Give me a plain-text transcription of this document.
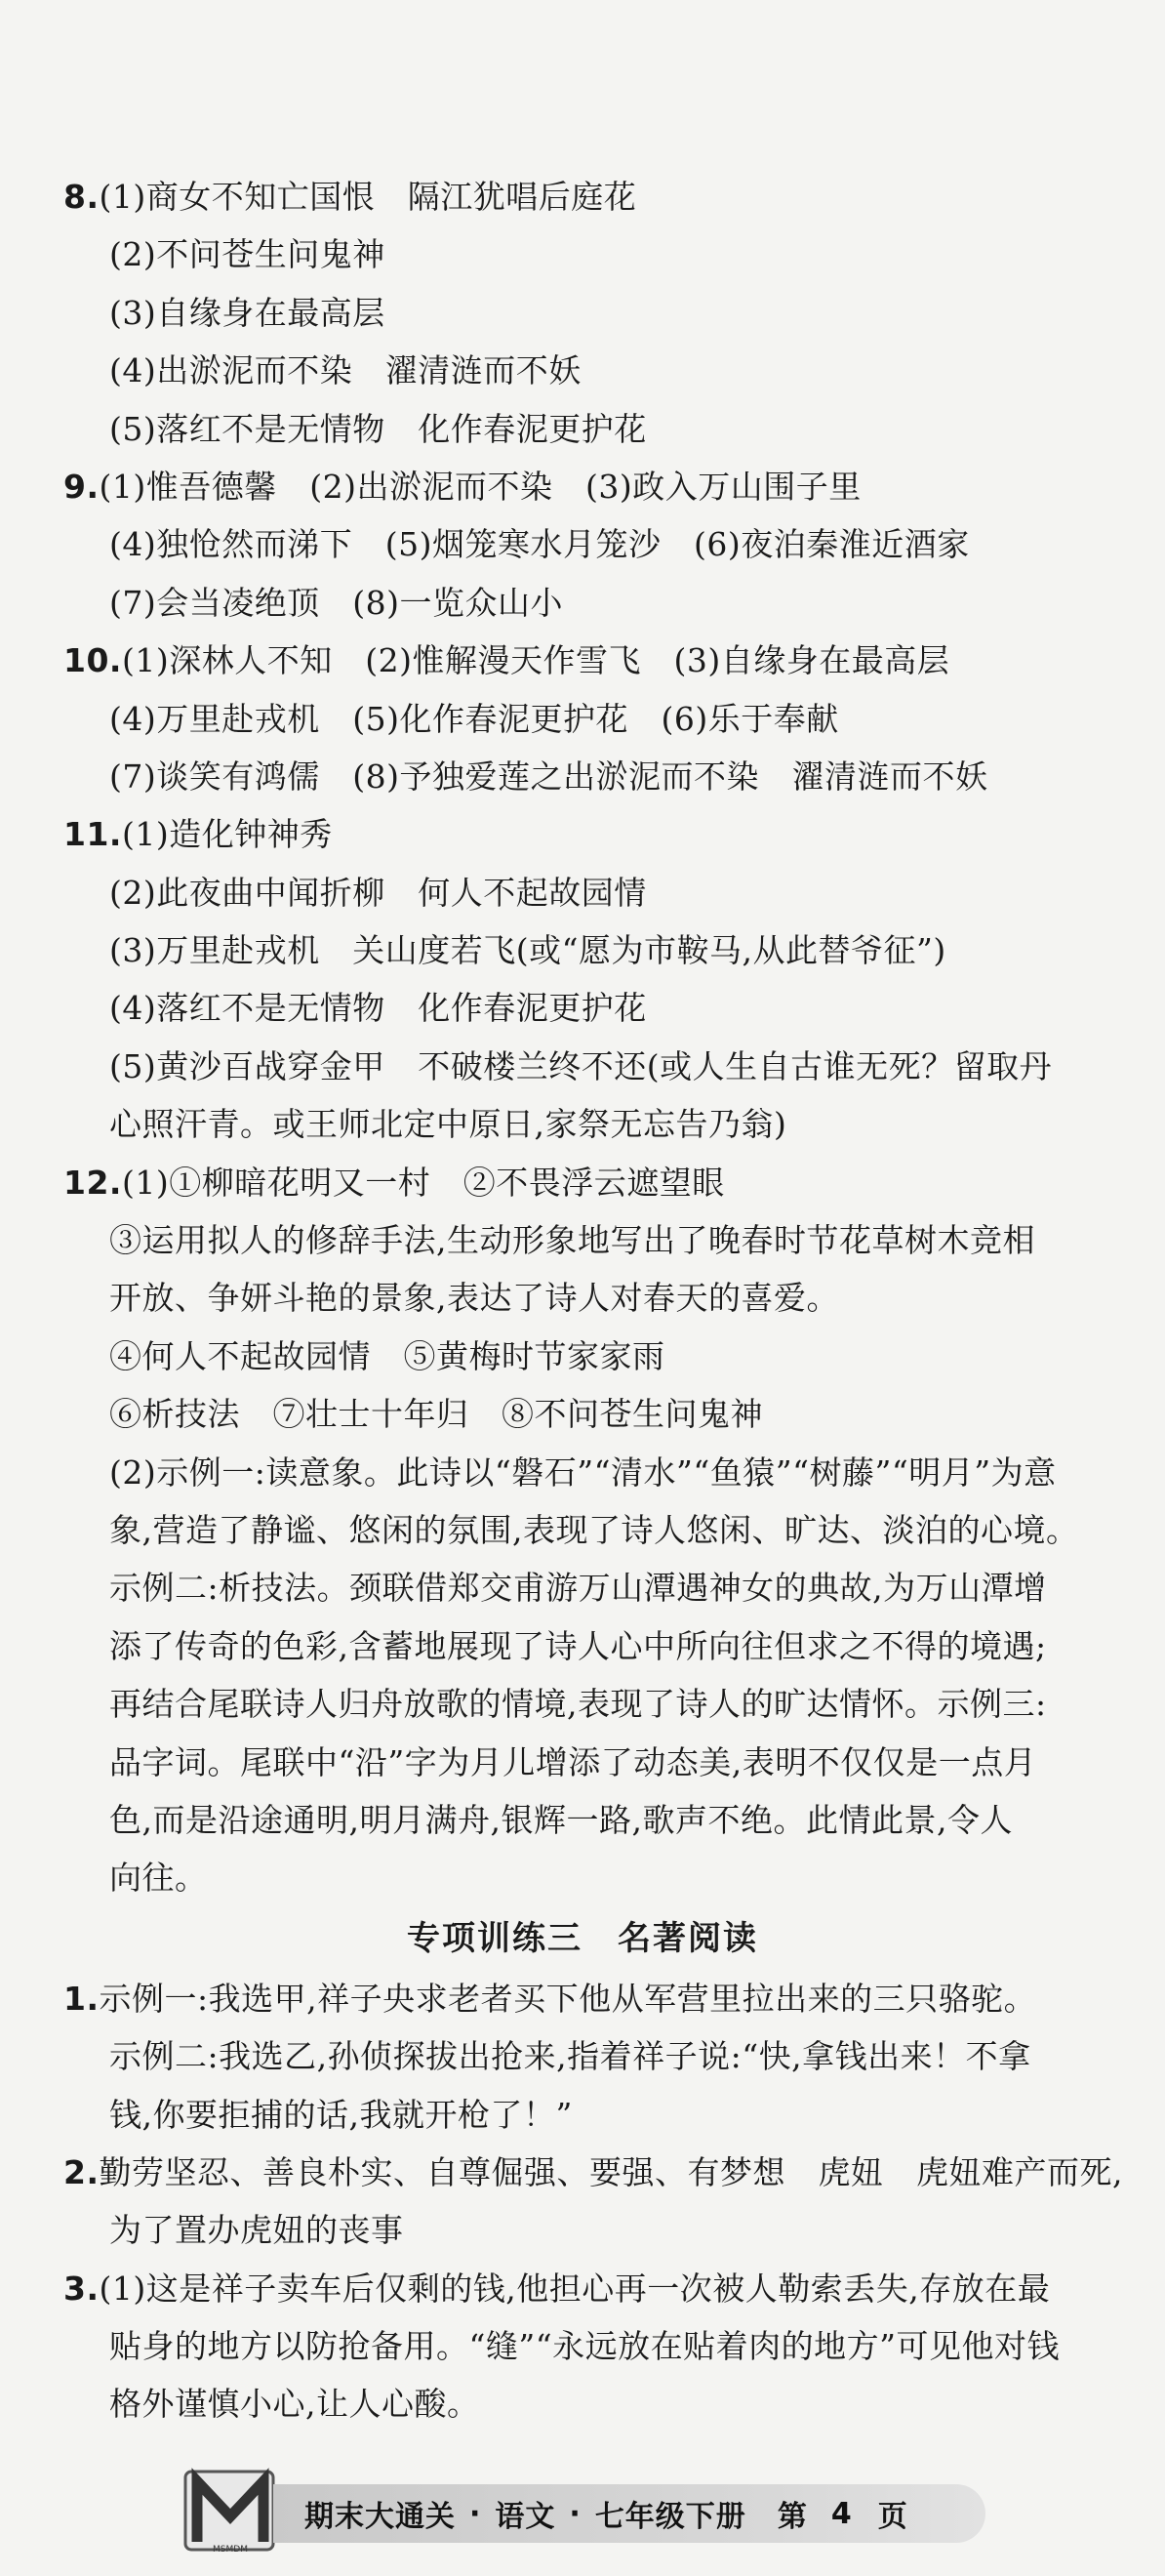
8.(1)商女不知亡国恨　隔江犹唱后庭花
(2)不问苍生问鬼神
(3)自缘身在最高层
(4)出淤泥而不染　濯清涟而不妖
(5)落红不是无情物　化作春泥更护花
9.(1)惟吾德馨　(2)出淤泥而不染　(3)政入万山围子里
(4)独怆然而涕下　(5)烟笼寒水月笼沙　(6)夜泊秦淮近酒家
(7)会当凌绝顶　(8)一览众山小
10.(1)深林人不知　(2)惟解漫天作雪飞　(3)自缘身在最高层
(4)万里赴戎机　(5)化作春泥更护花　(6)乐于奉献
(7)谈笑有鸿儒　(8)予独爱莲之出淤泥而不染　濯清涟而不妖
11.(1)造化钟神秀
(2)此夜曲中闻折柳　何人不起故园情
(3)万里赴戎机　关山度若飞(或“愿为市鞍马,从此替爷征”)
(4)落红不是无情物　化作春泥更护花
(5)黄沙百战穿金甲　不破楼兰终不还(或人生自古谁无死？留取丹
心照汗青。或王师北定中原日,家祭无忘告乃翁)
12.(1)①柳暗花明又一村　②不畏浮云遮望眼
③运用拟人的修辞手法,生动形象地写出了晚春时节花草树木竞相
开放、争妍斗艳的景象,表达了诗人对春天的喜爱。
④何人不起故园情　⑤黄梅时节家家雨
⑥析技法　⑦壮士十年归　⑧不问苍生问鬼神
(2)示例一:读意象。此诗以“磐石”“清水”“鱼猿”“树藤”“明月”为意
象,营造了静谧、悠闲的氛围,表现了诗人悠闲、旷达、淡泊的心境。
示例二:析技法。颈联借郑交甫游万山潭遇神女的典故,为万山潭增
添了传奇的色彩,含蓄地展现了诗人心中所向往但求之不得的境遇;
再结合尾联诗人归舟放歌的情境,表现了诗人的旷达情怀。示例三:
品字词。尾联中“沿”字为月儿增添了动态美,表明不仅仅是一点月
色,而是沿途通明,明月满舟,银辉一路,歌声不绝。此情此景,令人
向往。
专项训练三　名著阅读
1.示例一:我选甲,祥子央求老者买下他从军营里拉出来的三只骆驼。
示例二:我选乙,孙侦探拔出抢来,指着祥子说:“快,拿钱出来！不拿
钱,你要拒捕的话,我就开枪了！”
2.勤劳坚忍、善良朴实、自尊倔强、要强、有梦想　虎妞　虎妞难产而死,
为了置办虎妞的丧事
3.(1)这是祥子卖车后仅剩的钱,他担心再一次被人勒索丢失,存放在最
贴身的地方以防抢备用。“缝”“永远放在贴着肉的地方”可见他对钱
格外谨慎小心,让人心酸。
MSMDM
期末大通关 · 语文 · 七年级下册 第 4 页
